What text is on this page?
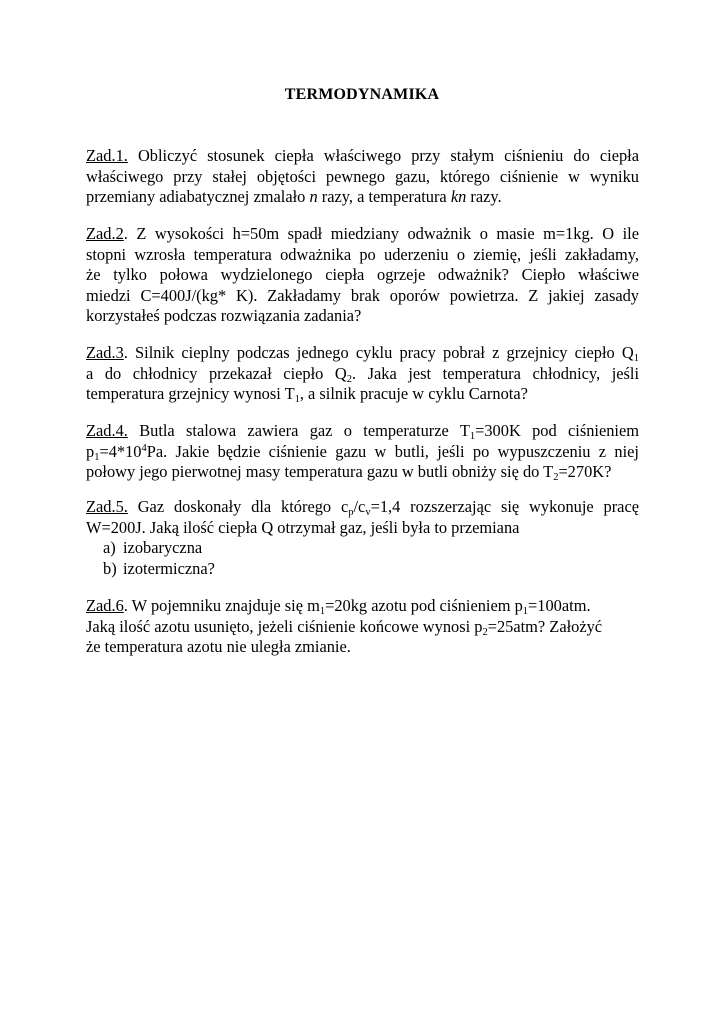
TERMODYNAMIKA
Zad.1. Obliczyć stosunek ciepła właściwego przy stałym ciśnieniu do ciepła
właściwego przy stałej objętości pewnego gazu, którego ciśnienie w wyniku
przemiany adiabatycznej zmalało n razy, a temperatura kn razy.
Zad.2. Z wysokości h=50m spadł miedziany odważnik o masie m=1kg. O ile
stopni wzrosła temperatura odważnika po uderzeniu o ziemię, jeśli zakładamy,
że tylko połowa wydzielonego ciepła ogrzeje odważnik? Ciepło właściwe
miedzi C=400J/(kg* K). Zakładamy brak oporów powietrza. Z jakiej zasady
korzystałeś podczas rozwiązania zadania?
Zad.3. Silnik cieplny podczas jednego cyklu pracy pobrał z grzejnicy ciepło $Q_1$
a do chłodnicy przekazał ciepło $Q_2$. Jaka jest temperatura chłodnicy, jeśli
temperatura grzejnicy wynosi $T_1$, a silnik pracuje w cyklu Carnota?
Zad.4. Butla stalowa zawiera gaz o temperaturze $T_1=300K$ pod ciśnieniem
$p_1=4*10^4Pa$. Jakie będzie ciśnienie gazu w butli, jeśli po wypuszczeniu z niej
połowy jego pierwotnej masy temperatura gazu w butli obniży się do $T_2=270K$?
Zad.5. Gaz doskonały dla którego $c_p/c_v=1,4$ rozszerzając się wykonuje pracę
W=200J. Jaką ilość ciepła Q otrzymał gaz, jeśli była to przemiana
a) izobaryczna
b) izotermiczna?
Zad.6. W pojemniku znajduje się $m_1=20kg$ azotu pod ciśnieniem $p_1=100atm$.
Jaką ilość azotu usunięto, jeżeli ciśnienie końcowe wynosi $p_2=25atm$? Założyć
że temperatura azotu nie uległa zmianie.
